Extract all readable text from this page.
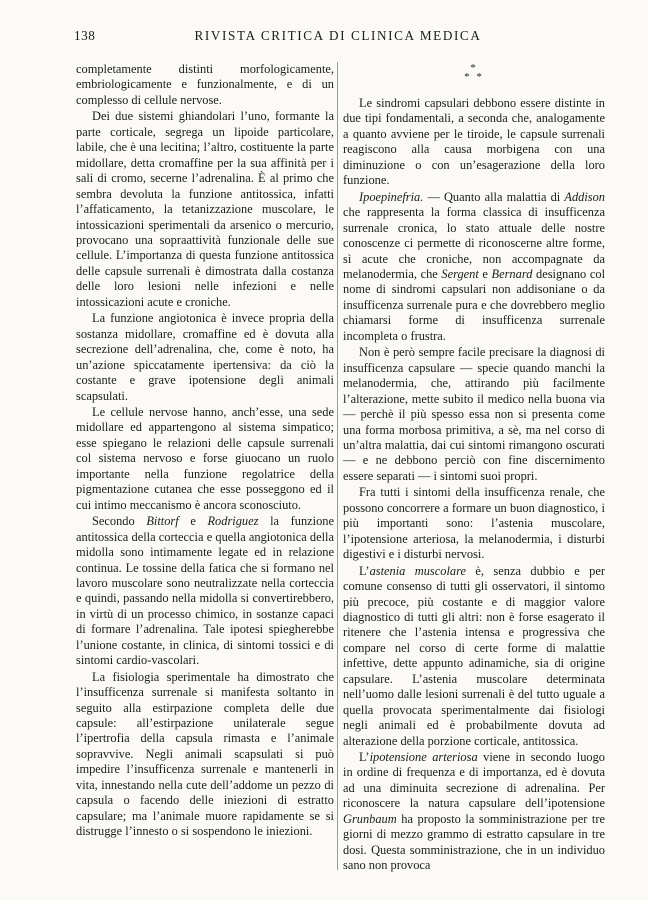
138	RIVISTA CRITICA DI CLINICA MEDICA

completamente distinti morfologicamente, embriologicamente e funzionalmente, e di un complesso di cellule nervose.

Dei due sistemi ghiandolari l’uno, formante la parte corticale, segrega un lipoide particolare, labile, che è una lecitina; l’altro, costituente la parte midollare, detta cromaffine per la sua affinità per i sali di cromo, secerne l’adrenalina. È al primo che sembra devoluta la funzione antitossica, infatti l’affaticamento, la tetanizzazione muscolare, le intossicazioni sperimentali da arsenico o mercurio, provocano una sopraattività funzionale delle sue cellule. L’importanza di questa funzione antitossica delle capsule surrenali è dimostrata dalla costanza delle loro lesioni nelle infezioni e nelle intossicazioni acute e croniche.

La funzione angiotonica è invece propria della sostanza midollare, cromaffine ed è dovuta alla secrezione dell’adrenalina, che, come è noto, ha un’azione spiccatamente ipertensiva: da ciò la costante e grave ipotensione degli animali scapsulati.

Le cellule nervose hanno, anch’esse, una sede midollare ed appartengono al sistema simpatico; esse spiegano le relazioni delle capsule surrenali col sistema nervoso e forse giuocano un ruolo importante nella funzione regolatrice della pigmentazione cutanea che esse posseggono ed il cui intimo meccanismo è ancora sconosciuto.

Secondo Bittorf e Rodriguez la funzione antitossica della corteccia e quella angiotonica della midolla sono intimamente legate ed in relazione continua. Le tossine della fatica che si formano nel lavoro muscolare sono neutralizzate nella corteccia e quindi, passando nella midolla si convertirebbero, in virtù di un processo chimico, in sostanze capaci di formare l’adrenalina. Tale ipotesi spiegherebbe l’unione costante, in clinica, di sintomi tossici e di sintomi cardio-vascolari.

La fisiologia sperimentale ha dimostrato che l’insufficenza surrenale si manifesta soltanto in seguito alla estirpazione completa delle due capsule: all’estirpazione unilaterale segue l’ipertrofia della capsula rimasta e l’animale sopravvive. Negli animali scapsulati si può impedire l’insufficenza surrenale e mantenerli in vita, innestando nella cute dell’addome un pezzo di capsula o facendo delle iniezioni di estratto capsulare; ma l’animale muore rapidamente se si distrugge l’innesto o si sospendono le iniezioni.

*
* *

Le sindromi capsulari debbono essere distinte in due tipi fondamentali, a seconda che, analogamente a quanto avviene per le tiroide, le capsule surrenali reagiscono alla causa morbigena con una diminuzione o con un’esagerazione della loro funzione.

Ipoepinefria. — Quanto alla malattia di Addison che rappresenta la forma classica di insufficenza surrenale cronica, lo stato attuale delle nostre conoscenze ci permette di riconoscerne altre forme, sì acute che croniche, non accompagnate da melanodermia, che Sergent e Bernard designano col nome di sindromi capsulari non addisoniane o da insufficenza surrenale pura e che dovrebbero meglio chiamarsi forme di insufficenza surrenale incompleta o frustra.

Non è però sempre facile precisare la diagnosi di insufficenza capsulare — specie quando manchi la melanodermia, che, attirando più facilmente l’alterazione, mette subito il medico nella buona via — perchè il più spesso essa non si presenta come una forma morbosa primitiva, a sè, ma nel corso di un’altra malattia, dai cui sintomi rimangono oscurati — e ne debbono perciò con fine discernimento essere separati — i sintomi suoi propri.

Fra tutti i sintomi della insufficenza renale, che possono concorrere a formare un buon diagnostico, i più importanti sono: l’astenia muscolare, l’ipotensione arteriosa, la melanodermia, i disturbi digestivi e i disturbi nervosi.

L’astenia muscolare è, senza dubbio e per comune consenso di tutti gli osservatori, il sintomo più precoce, più costante e di maggior valore diagnostico di tutti gli altri: non è forse esagerato il ritenere che l’astenia intensa e progressiva che compare nel corso di certe forme di malattie infettive, dette appunto adinamiche, sia di origine capsulare. L’astenia muscolare determinata nell’uomo dalle lesioni surrenali è del tutto uguale a quella provocata sperimentalmente dai fisiologi negli animali ed è probabilmente dovuta ad alterazione della porzione corticale, antitossica.

L’ipotensione arteriosa viene in secondo luogo in ordine di frequenza e di importanza, ed è dovuta ad una diminuita secrezione di adrenalina. Per riconoscere la natura capsulare dell’ipotensione Grunbaum ha proposto la somministrazione per tre giorni di mezzo grammo di estratto capsulare in tre dosi. Questa somministrazione, che in un individuo sano non provoca
